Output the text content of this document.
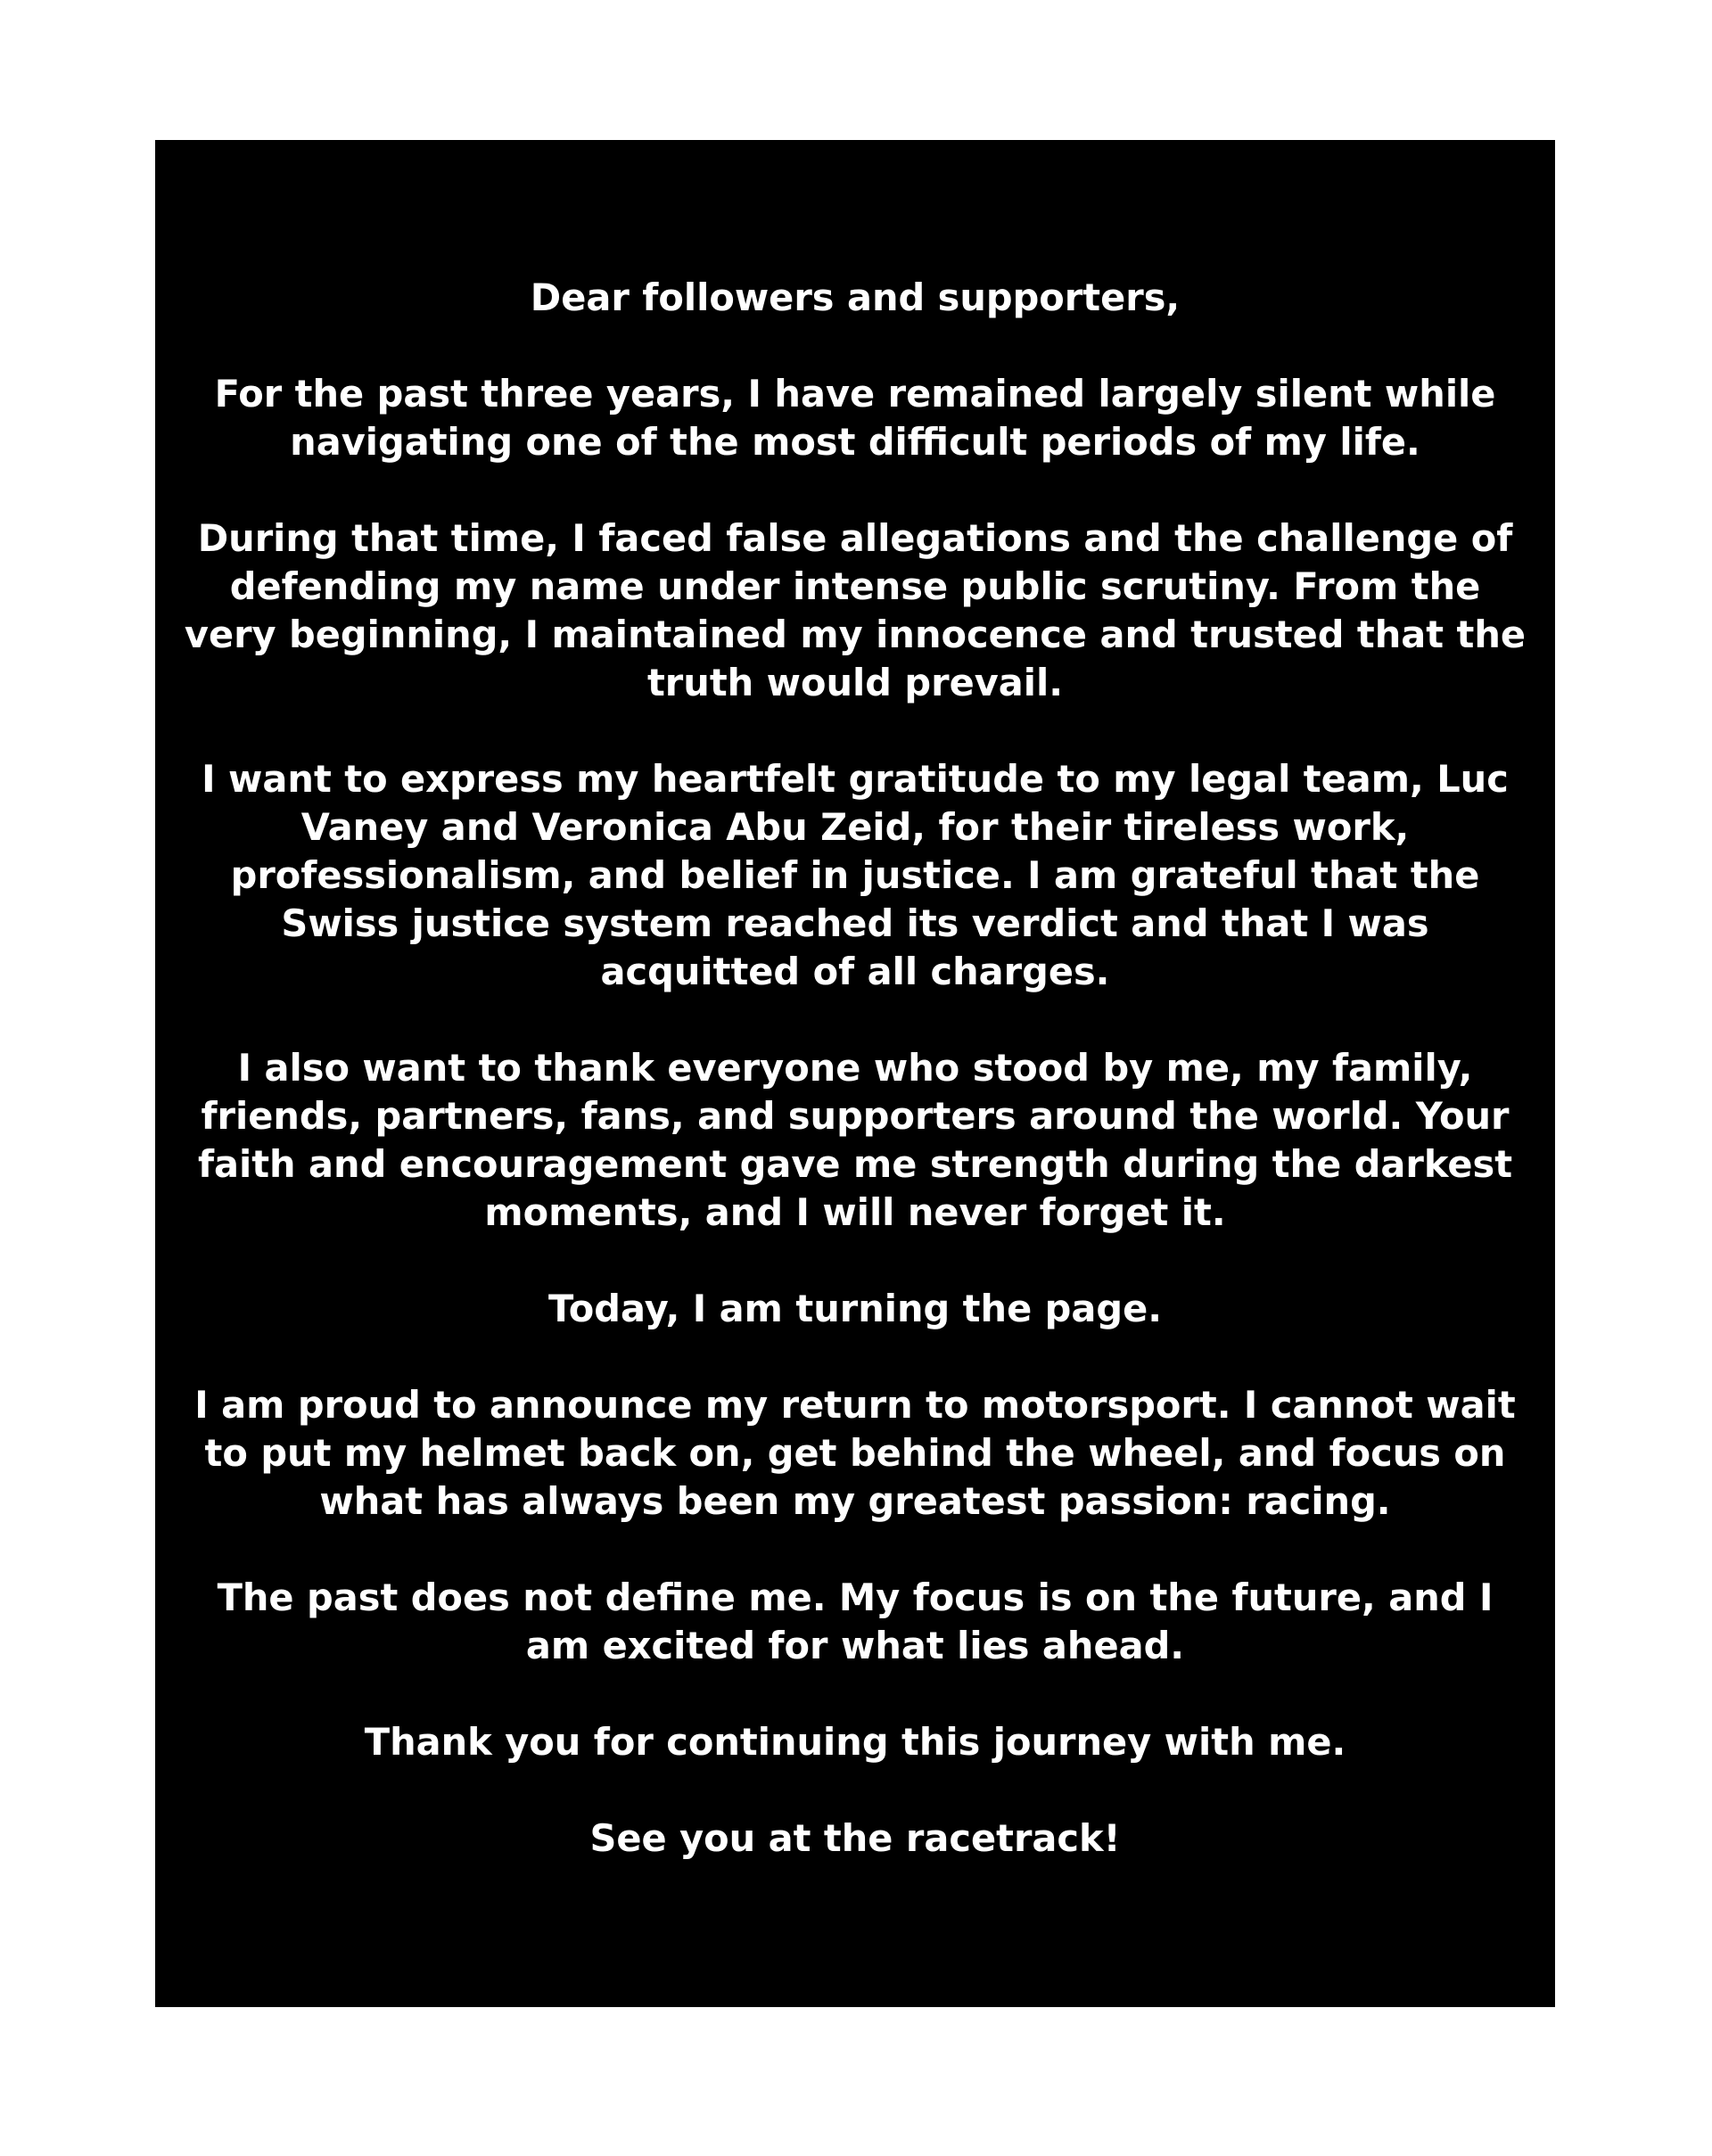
Dear followers and supporters,

For the past three years, I have remained largely silent while navigating one of the most difficult periods of my life.

During that time, I faced false allegations and the challenge of defending my name under intense public scrutiny. From the very beginning, I maintained my innocence and trusted that the truth would prevail.

I want to express my heartfelt gratitude to my legal team, Luc Vaney and Veronica Abu Zeid, for their tireless work, professionalism, and belief in justice. I am grateful that the Swiss justice system reached its verdict and that I was acquitted of all charges.

I also want to thank everyone who stood by me, my family, friends, partners, fans, and supporters around the world. Your faith and encouragement gave me strength during the darkest moments, and I will never forget it.

Today, I am turning the page.

I am proud to announce my return to motorsport. I cannot wait to put my helmet back on, get behind the wheel, and focus on what has always been my greatest passion: racing.

The past does not define me. My focus is on the future, and I am excited for what lies ahead.

Thank you for continuing this journey with me.

See you at the racetrack!
